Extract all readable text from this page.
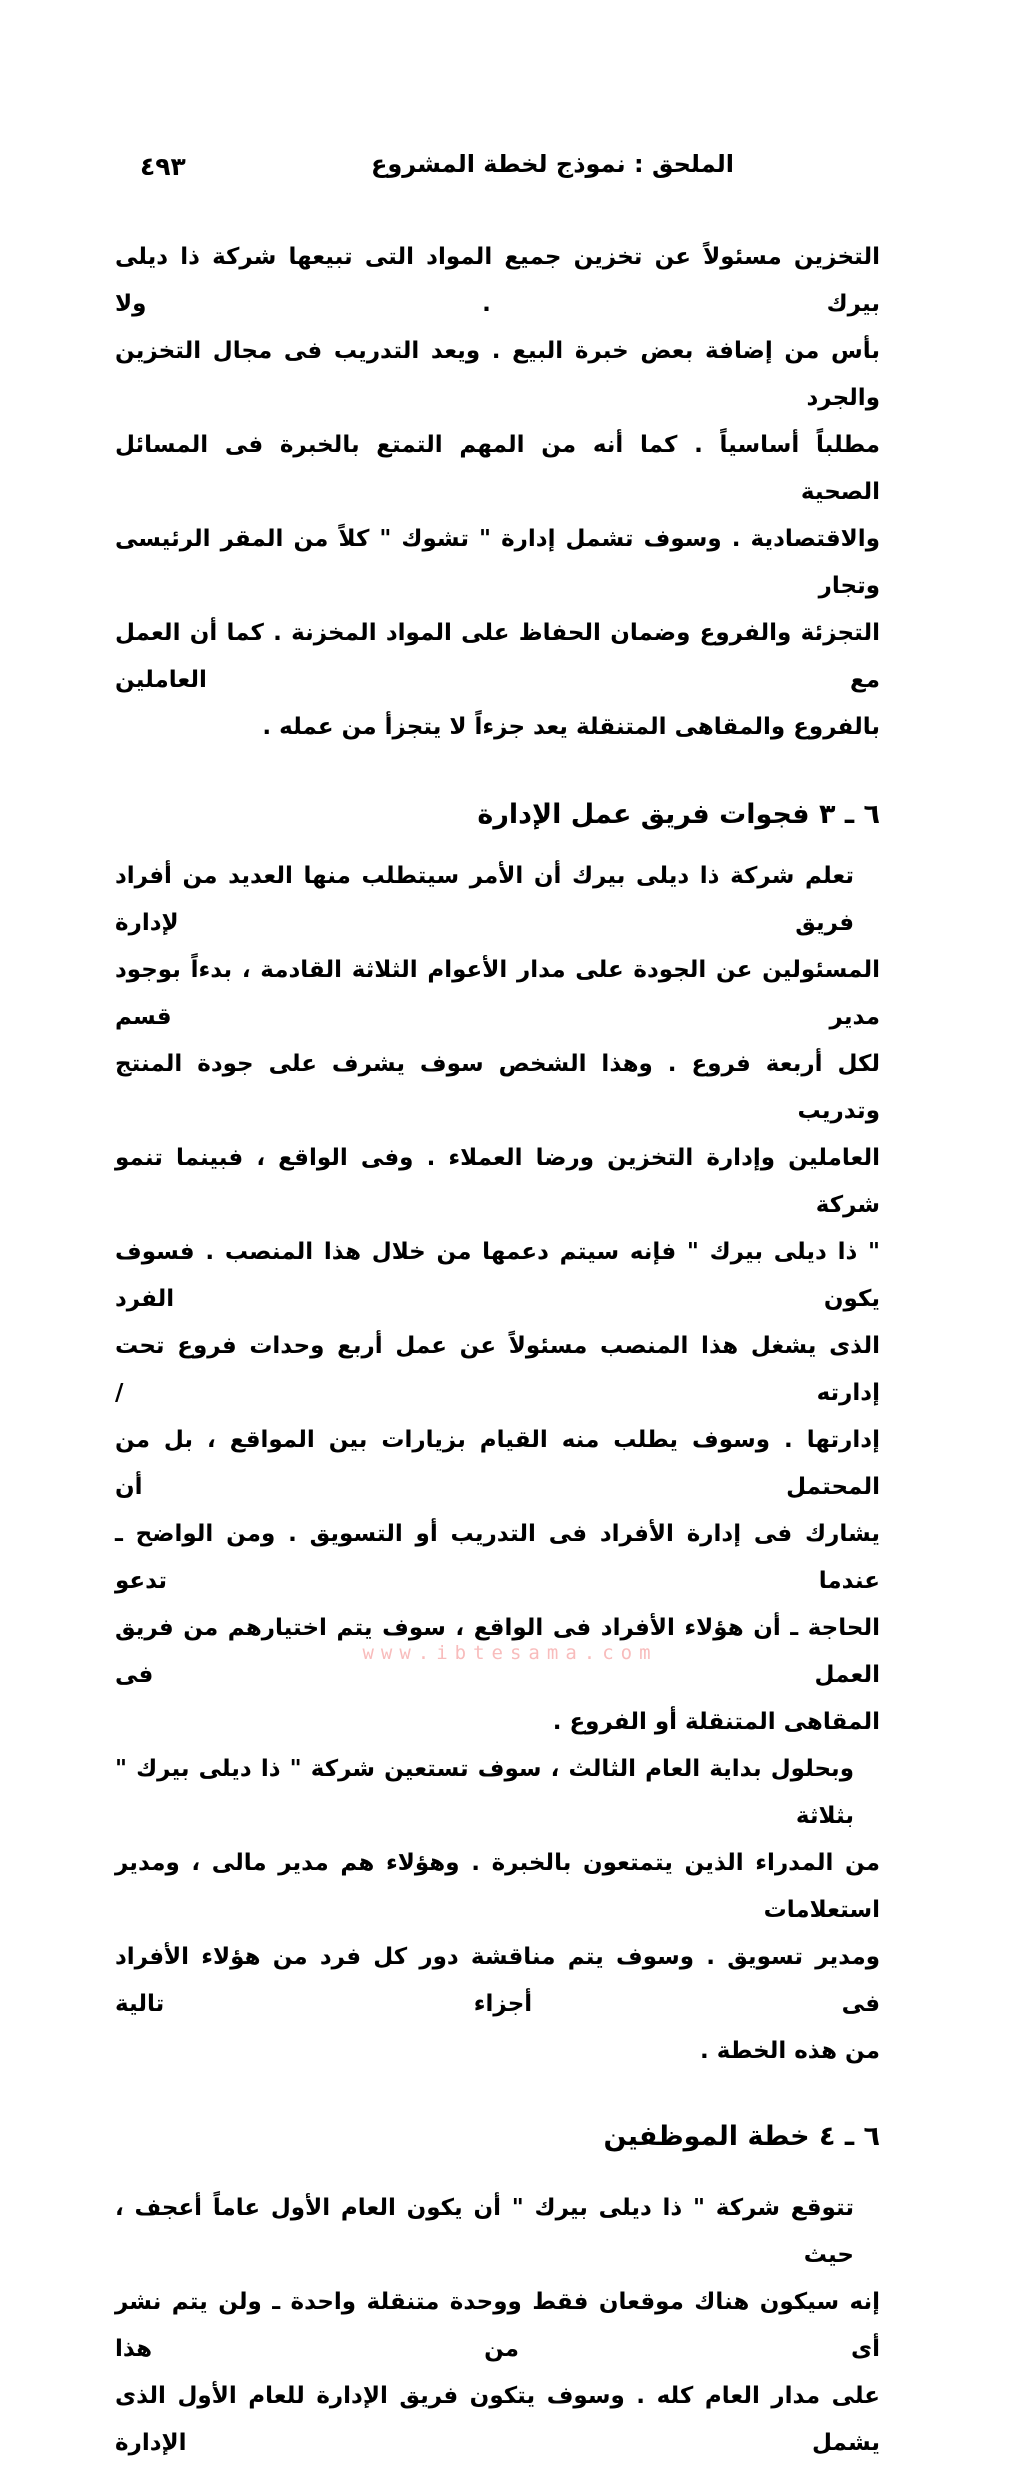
٤٩٣	الملحق : نموذج لخطة المشروع

التخزين مسئولاً عن تخزين جميع المواد التى تبيعها شركة ذا ديلى بيرك . ولا
بأس من إضافة بعض خبرة البيع . ويعد التدريب فى مجال التخزين والجرد
مطلباً أساسياً . كما أنه من المهم التمتع بالخبرة فى المسائل الصحية
والاقتصادية . وسوف تشمل إدارة " تشوك " كلاً من المقر الرئيسى وتجار
التجزئة والفروع وضمان الحفاظ على المواد المخزنة . كما أن العمل مع العاملين
بالفروع والمقاهى المتنقلة يعد جزءاً لا يتجزأ من عمله .

٦ ـ ٣ فجوات فريق عمل الإدارة

تعلم شركة ذا ديلى بيرك أن الأمر سيتطلب منها العديد من أفراد فريق لإدارة
المسئولين عن الجودة على مدار الأعوام الثلاثة القادمة ، بدءاً بوجود مدير قسم
لكل أربعة فروع . وهذا الشخص سوف يشرف على جودة المنتج وتدريب
العاملين وإدارة التخزين ورضا العملاء . وفى الواقع ، فبينما تنمو شركة
" ذا ديلى بيرك " فإنه سيتم دعمها من خلال هذا المنصب . فسوف يكون الفرد
الذى يشغل هذا المنصب مسئولاً عن عمل أربع وحدات فروع تحت إدارته /
إدارتها . وسوف يطلب منه القيام بزيارات بين المواقع ، بل من المحتمل أن
يشارك فى إدارة الأفراد فى التدريب أو التسويق . ومن الواضح ـ عندما تدعو
الحاجة ـ أن هؤلاء الأفراد فى الواقع ، سوف يتم اختيارهم من فريق العمل فى
المقاهى المتنقلة أو الفروع .

وبحلول بداية العام الثالث ، سوف تستعين شركة " ذا ديلى بيرك " بثلاثة
من المدراء الذين يتمتعون بالخبرة . وهؤلاء هم مدير مالى ، ومدير استعلامات
ومدير تسويق . وسوف يتم مناقشة دور كل فرد من هؤلاء الأفراد فى أجزاء تالية
من هذه الخطة .

٦ ـ ٤ خطة الموظفين

تتوقع شركة " ذا ديلى بيرك " أن يكون العام الأول عاماً أعجف ، حيث
إنه سيكون هناك موقعان فقط ووحدة متنقلة واحدة ـ ولن يتم نشر أى من هذا
على مدار العام كله . وسوف يتكون فريق الإدارة للعام الأول الذى يشمل الإدارة

www.ibtesama.com
